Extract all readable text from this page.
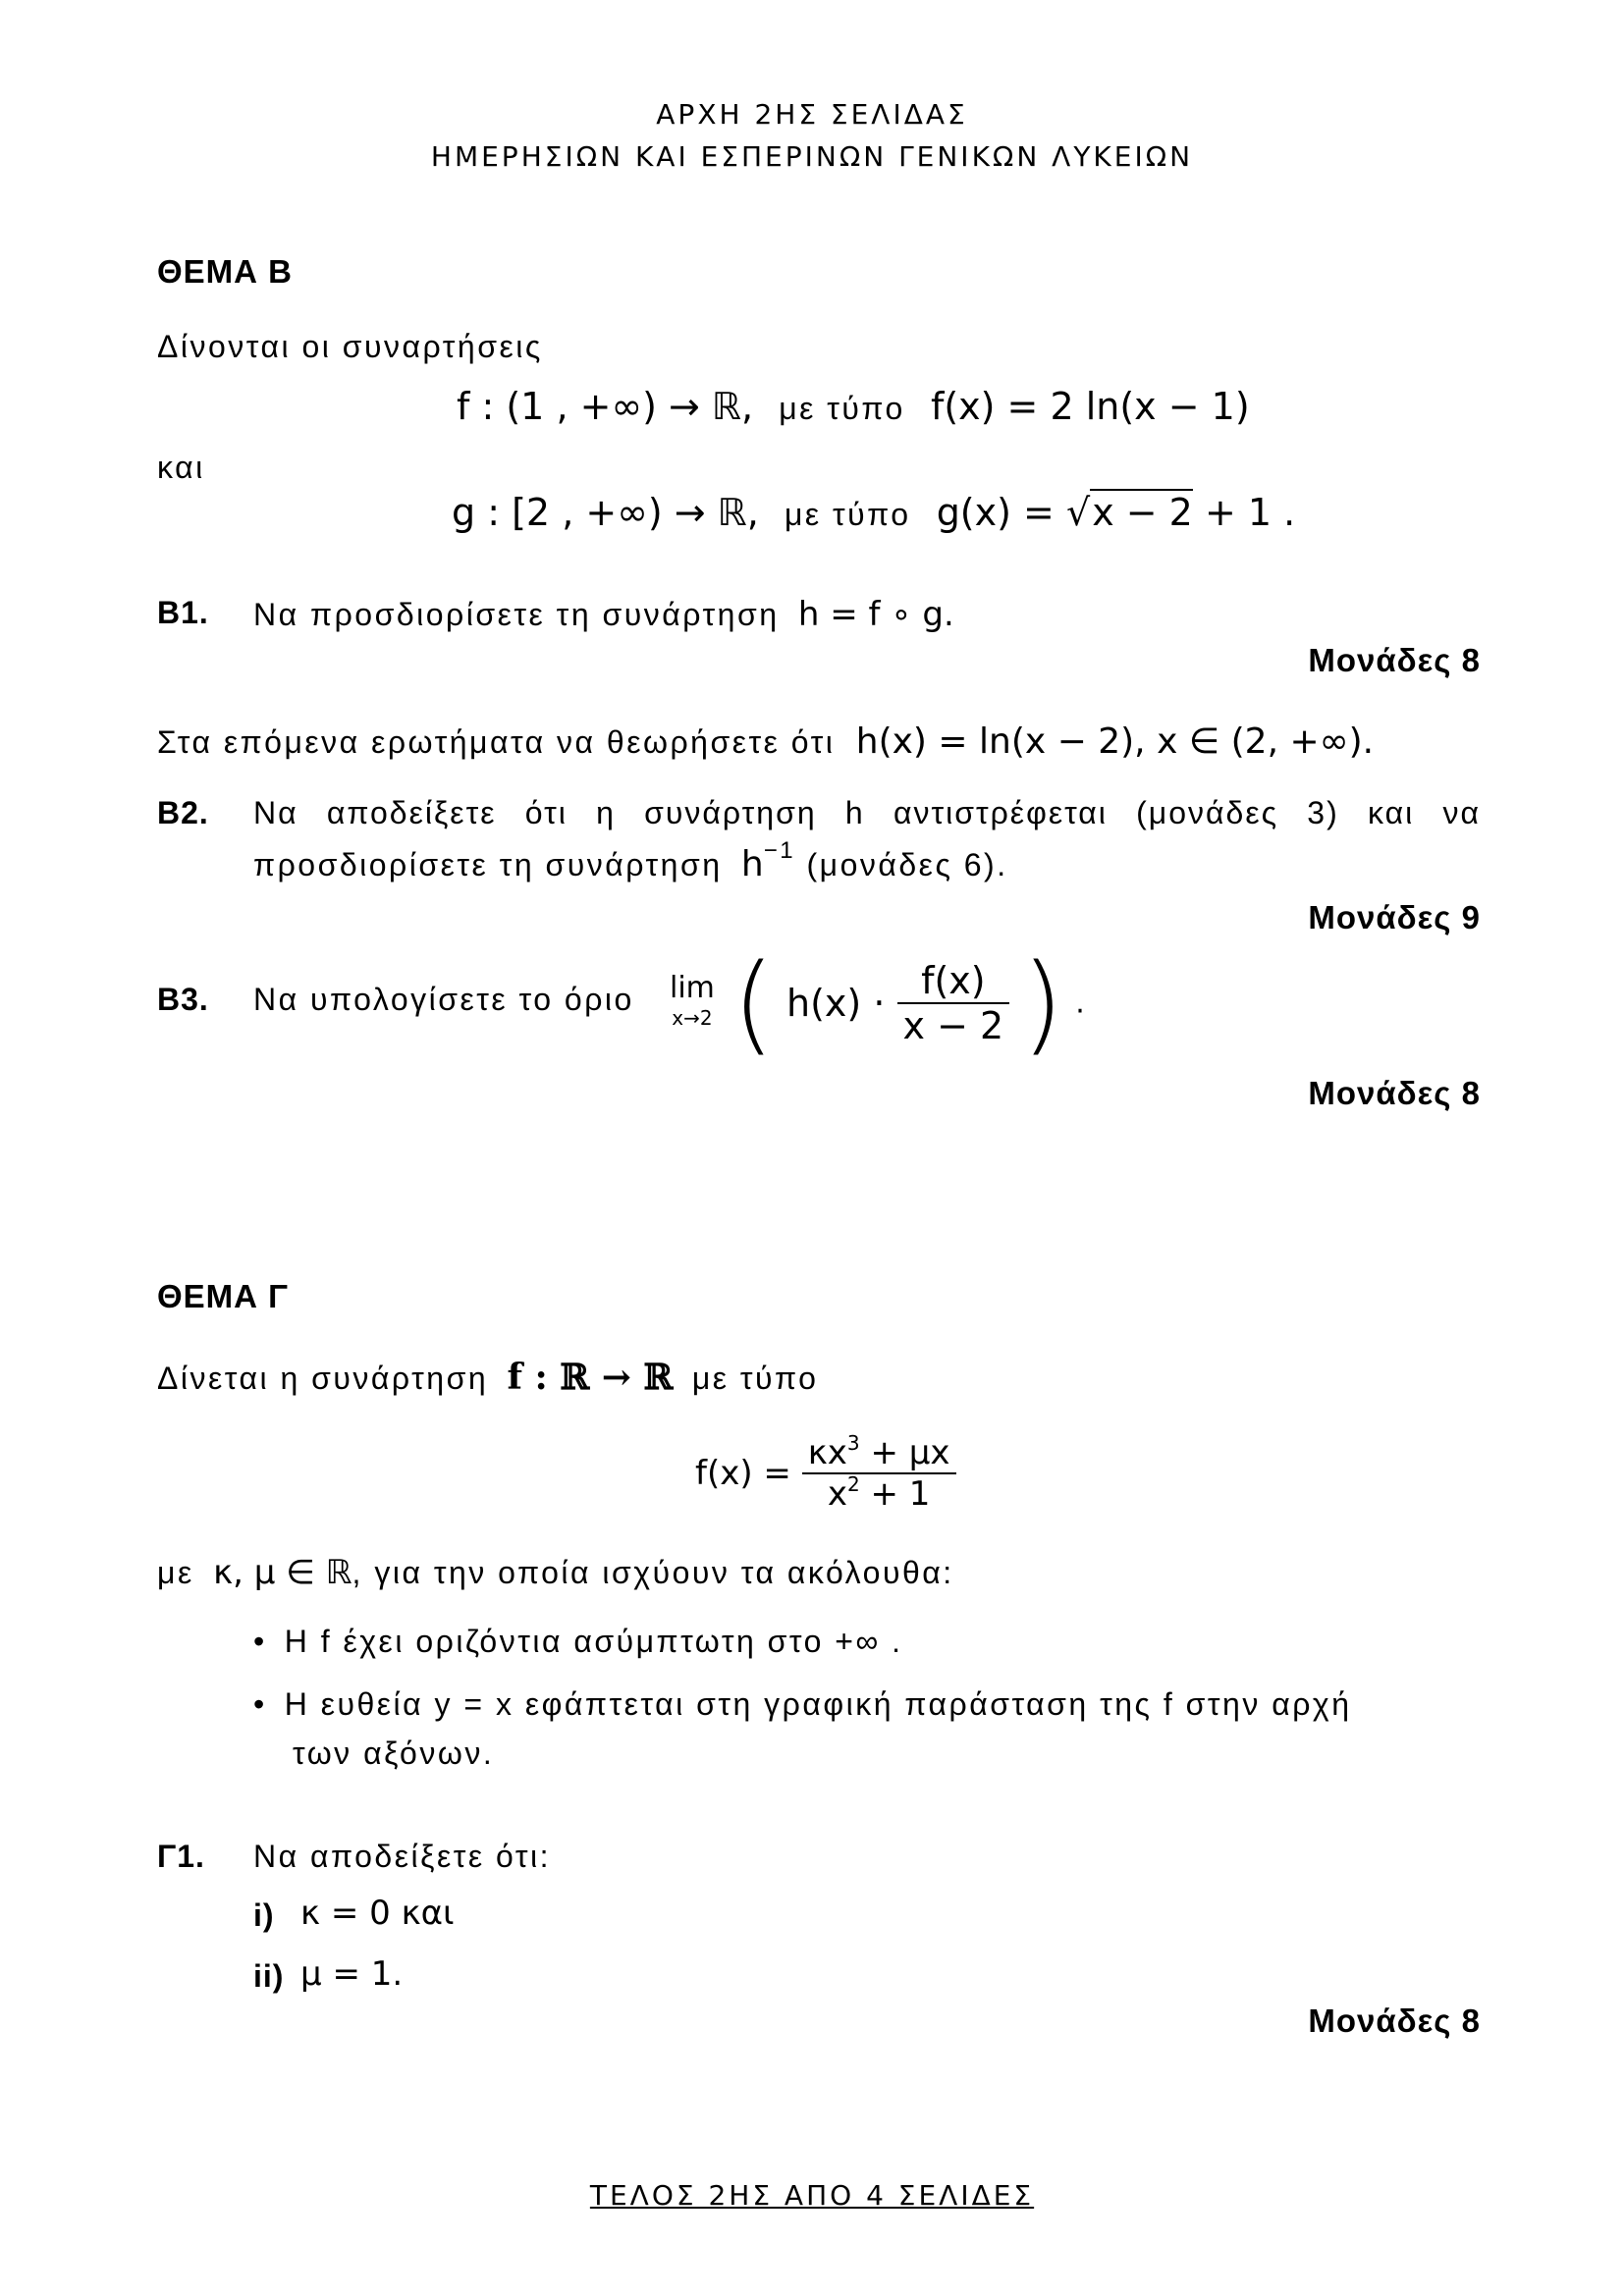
ΑΡΧΗ 2ΗΣ ΣΕΛΙΔΑΣ
ΗΜΕΡΗΣΙΩΝ ΚΑΙ ΕΣΠΕΡΙΝΩΝ ΓΕΝΙΚΩΝ ΛΥΚΕΙΩΝ
ΘΕΜΑ Β
Δίνονται οι συναρτήσεις
f : (1 , +∞) → ℝ, με τύπο f(x) = 2 ln(x − 1)
και
g : [2 , +∞) → ℝ, με τύπο g(x) = √x − 2 + 1 .
Β1. Να προσδιορίσετε τη συνάρτηση h = f ∘ g.
Μονάδες 8
Στα επόμενα ερωτήματα να θεωρήσετε ότι h(x) = ln(x − 2), x ∈ (2, +∞).
Β2. Να αποδείξετε ότι η συνάρτηση h αντιστρέφεται (μονάδες 3) και να
προσδιορίσετε τη συνάρτηση $h^{-1}$ (μονάδες 6).
Μονάδες 9
Β3. Να υπολογίσετε το όριο lim
x→2 ( $h(x) \cdot \frac{f(x)}{x - 2}$ ) .
Μονάδες 8
ΘΕΜΑ Γ
Δίνεται η συνάρτηση f : ℝ → ℝ με τύπο
$f(x) = \frac{\kappa x^3 + \mu x}{x^2 + 1}$
με κ, μ ∈ ℝ, για την οποία ισχύουν τα ακόλουθα:
• Η f έχει οριζόντια ασύμπτωτη στο +∞ .
• Η ευθεία y = x εφάπτεται στη γραφική παράσταση της f στην αρχή
των αξόνων.
Γ1. Να αποδείξετε ότι:
i) κ = 0 και
ii) μ = 1.
Μονάδες 8
ΤΕΛΟΣ 2ΗΣ ΑΠΟ 4 ΣΕΛΙΔΕΣ
